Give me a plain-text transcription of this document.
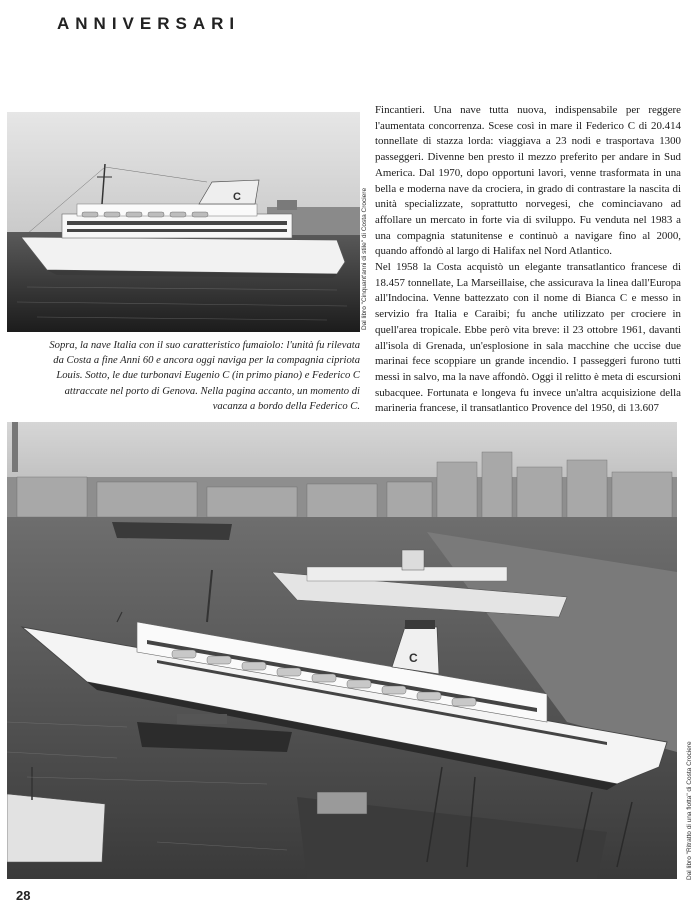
ANNIVERSARI
C	Dal libro "Cinquant'anni di stile" di Costa Crociere

Sopra, la nave Italia con il suo caratteristico fumaiolo: l'unità fu rilevata da Costa a fine Anni 60 e ancora oggi naviga per la compagnia cipriota Louis. Sotto, le due turbonavi Eugenio C (in primo piano) e Federico C attraccate nel porto di Genova. Nella pagina accanto, un momento di vacanza a bordo della Federico C.

Fincantieri. Una nave tutta nuova, indispensabile per reggere l'aumentata concorrenza. Scese così in mare il Federico C di 20.414 tonnellate di stazza lorda: viaggiava a 23 nodi e trasportava 1300 passeggeri. Divenne ben presto il mezzo preferito per andare in Sud America. Dal 1970, dopo opportuni lavori, venne trasformata in una bella e moderna nave da crociera, in grado di contrastare la nascita di unità specializzate, soprattutto norvegesi, che cominciavano ad affollare un mercato in forte via di sviluppo. Fu venduta nel 1983 a una compagnia statunitense e continuò a navigare fino al 2000, quando affondò al largo di Halifax nel Nord Atlantico.
Nel 1958 la Costa acquistò un elegante transatlantico francese di 18.457 tonnellate, La Marseillaise, che assicurava la linea dall'Europa all'Indocina. Venne battezzato con il nome di Bianca C e messo in servizio fra Italia e Caraibi; fu anche utilizzato per crociere in quell'area tropicale. Ebbe però vita breve: il 23 ottobre 1961, davanti all'isola di Grenada, un'esplosione in sala macchine che uccise due marinai fece scoppiare un grande incendio. I passeggeri furono tutti messi in salvo, ma la nave affondò. Oggi il relitto è meta di escursioni subacquee. Fortunata e longeva fu invece un'altra acquisizione della marineria francese, il transatlantico Provence del 1950, di 13.607
C
Dal libro "Ritratto di una flotta" di Costa Crociere
28
